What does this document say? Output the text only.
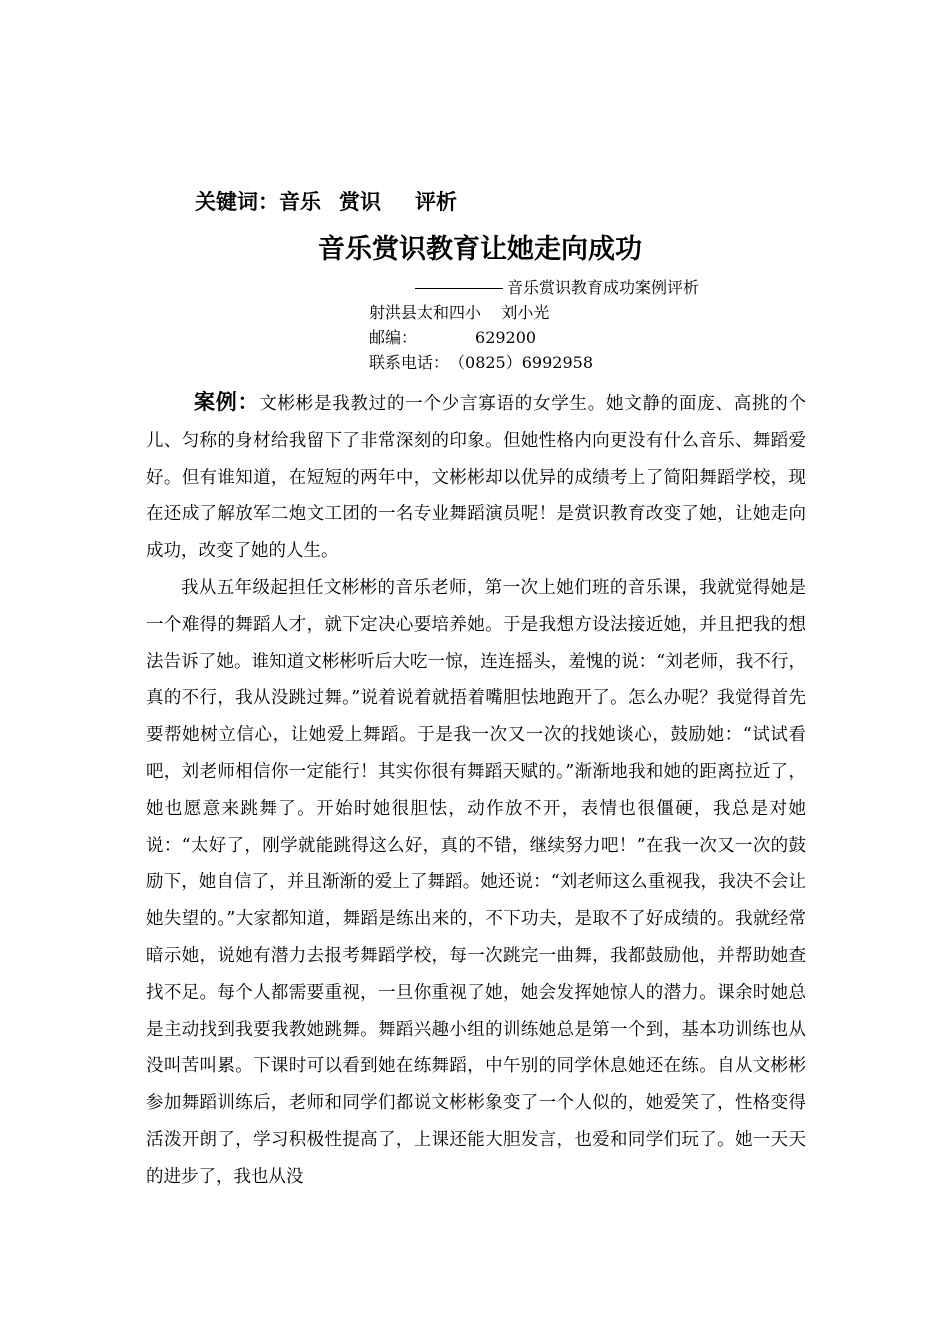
关键词：音乐 赏识 评析
音乐赏识教育让她走向成功
音乐赏识教育成功案例评析
射洪县太和四小    刘小光
邮编：	629200
联系电话：（0825）6992958

案例：文彬彬是我教过的一个少言寡语的女学生。她文静的面庞、高挑的个儿、匀称的身材给我留下了非常深刻的印象。但她性格内向更没有什么音乐、舞蹈爱好。但有谁知道，在短短的两年中，文彬彬却以优异的成绩考上了简阳舞蹈学校，现在还成了解放军二炮文工团的一名专业舞蹈演员呢！是赏识教育改变了她，让她走向成功，改变了她的人生。

我从五年级起担任文彬彬的音乐老师，第一次上她们班的音乐课，我就觉得她是一个难得的舞蹈人才，就下定决心要培养她。于是我想方设法接近她，并且把我的想法告诉了她。谁知道文彬彬听后大吃一惊，连连摇头，羞愧的说：“刘老师，我不行，真的不行，我从没跳过舞。”说着说着就捂着嘴胆怯地跑开了。怎么办呢？我觉得首先要帮她树立信心，让她爱上舞蹈。于是我一次又一次的找她谈心，鼓励她：“试试看吧，刘老师相信你一定能行！其实你很有舞蹈天赋的。”渐渐地我和她的距离拉近了，她也愿意来跳舞了。开始时她很胆怯，动作放不开，表情也很僵硬，我总是对她说：“太好了，刚学就能跳得这么好，真的不错，继续努力吧！”在我一次又一次的鼓励下，她自信了，并且渐渐的爱上了舞蹈。她还说：“刘老师这么重视我，我决不会让她失望的。”大家都知道，舞蹈是练出来的，不下功夫，是取不了好成绩的。我就经常暗示她，说她有潜力去报考舞蹈学校，每一次跳完一曲舞，我都鼓励他，并帮助她查找不足。每个人都需要重视，一旦你重视了她，她会发挥她惊人的潜力。课余时她总是主动找到我要我教她跳舞。舞蹈兴趣小组的训练她总是第一个到，基本功训练也从没叫苦叫累。下课时可以看到她在练舞蹈，中午别的同学休息她还在练。自从文彬彬参加舞蹈训练后，老师和同学们都说文彬彬象变了一个人似的，她爱笑了，性格变得活泼开朗了，学习积极性提高了，上课还能大胆发言，也爱和同学们玩了。她一天天的进步了，我也从没
